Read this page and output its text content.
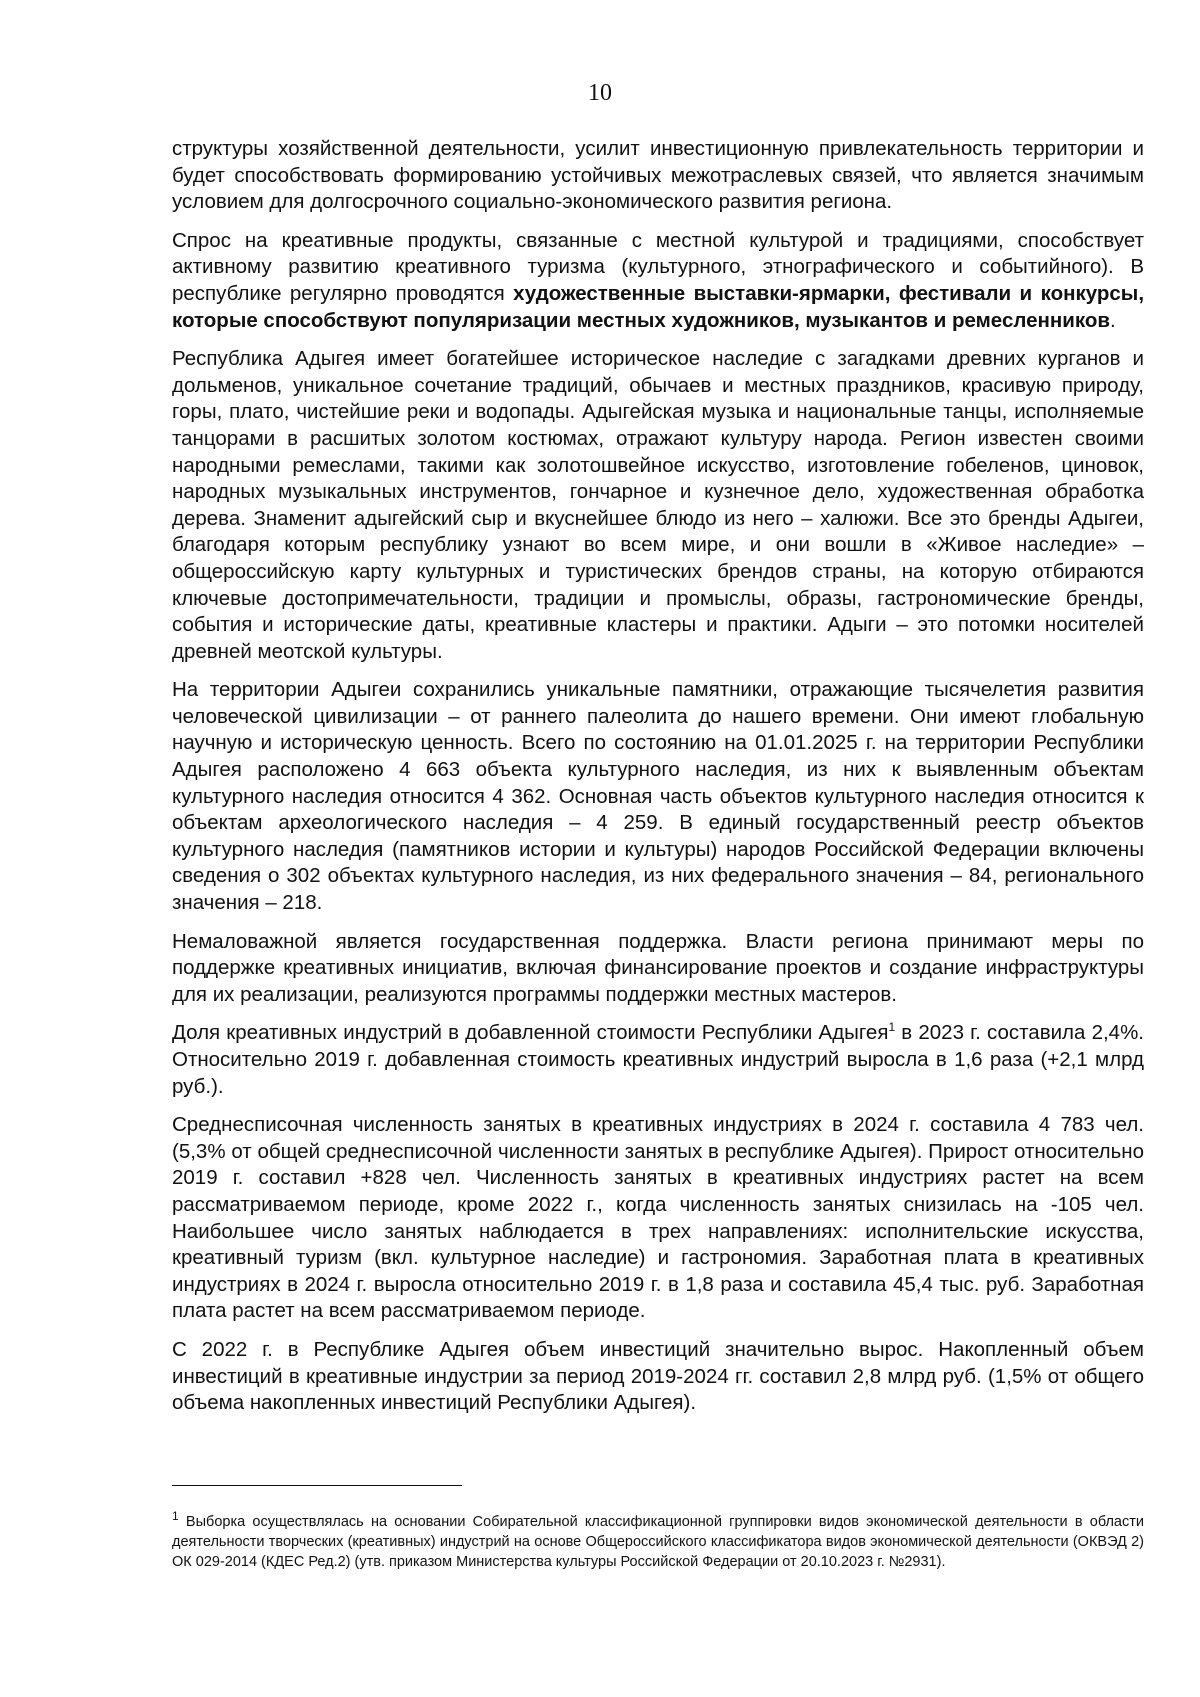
10

структуры хозяйственной деятельности, усилит инвестиционную привлекательность территории и будет способствовать формированию устойчивых межотраслевых связей, что является значимым условием для долгосрочного социально-экономического развития региона.

Спрос на креативные продукты, связанные с местной культурой и традициями, способствует активному развитию креативного туризма (культурного, этнографического и событийного). В республике регулярно проводятся художественные выставки-ярмарки, фестивали и конкурсы, которые способствуют популяризации местных художников, музыкантов и ремесленников.

Республика Адыгея имеет богатейшее историческое наследие с загадками древних курганов и дольменов, уникальное сочетание традиций, обычаев и местных праздников, красивую природу, горы, плато, чистейшие реки и водопады. Адыгейская музыка и национальные танцы, исполняемые танцорами в расшитых золотом костюмах, отражают культуру народа. Регион известен своими народными ремеслами, такими как золотошвейное искусство, изготовление гобеленов, циновок, народных музыкальных инструментов, гончарное и кузнечное дело, художественная обработка дерева. Знаменит адыгейский сыр и вкуснейшее блюдо из него – халюжи. Все это бренды Адыгеи, благодаря которым республику узнают во всем мире, и они вошли в «Живое наследие» – общероссийскую карту культурных и туристических брендов страны, на которую отбираются ключевые достопримечательности, традиции и промыслы, образы, гастрономические бренды, события и исторические даты, креативные кластеры и практики. Адыги – это потомки носителей древней меотской культуры.

На территории Адыгеи сохранились уникальные памятники, отражающие тысячелетия развития человеческой цивилизации – от раннего палеолита до нашего времени. Они имеют глобальную научную и историческую ценность. Всего по состоянию на 01.01.2025 г. на территории Республики Адыгея расположено 4 663 объекта культурного наследия, из них к выявленным объектам культурного наследия относится 4 362. Основная часть объектов культурного наследия относится к объектам археологического наследия – 4 259. В единый государственный реестр объектов культурного наследия (памятников истории и культуры) народов Российской Федерации включены сведения о 302 объектах культурного наследия, из них федерального значения – 84, регионального значения – 218.

Немаловажной является государственная поддержка. Власти региона принимают меры по поддержке креативных инициатив, включая финансирование проектов и создание инфраструктуры для их реализации, реализуются программы поддержки местных мастеров.

Доля креативных индустрий в добавленной стоимости Республики Адыгея$^1$ в 2023 г. составила 2,4%. Относительно 2019 г. добавленная стоимость креативных индустрий выросла в 1,6 раза (+2,1 млрд руб.).

Среднесписочная численность занятых в креативных индустриях в 2024 г. составила 4 783 чел. (5,3% от общей среднесписочной численности занятых в республике Адыгея). Прирост относительно 2019 г. составил +828 чел. Численность занятых в креативных индустриях растет на всем рассматриваемом периоде, кроме 2022 г., когда численность занятых снизилась на -105 чел. Наибольшее число занятых наблюдается в трех направлениях: исполнительские искусства, креативный туризм (вкл. культурное наследие) и гастрономия. Заработная плата в креативных индустриях в 2024 г. выросла относительно 2019 г. в 1,8 раза и составила 45,4 тыс. руб. Заработная плата растет на всем рассматриваемом периоде.

С 2022 г. в Республике Адыгея объем инвестиций значительно вырос. Накопленный объем инвестиций в креативные индустрии за период 2019-2024 гг. составил 2,8 млрд руб. (1,5% от общего объема накопленных инвестиций Республики Адыгея).

$^1$ Выборка осуществлялась на основании Собирательной классификационной группировки видов экономической деятельности в области деятельности творческих (креативных) индустрий на основе Общероссийского классификатора видов экономической деятельности (ОКВЭД 2) ОК 029-2014 (КДЕС Ред.2) (утв. приказом Министерства культуры Российской Федерации от 20.10.2023 г. №2931).
